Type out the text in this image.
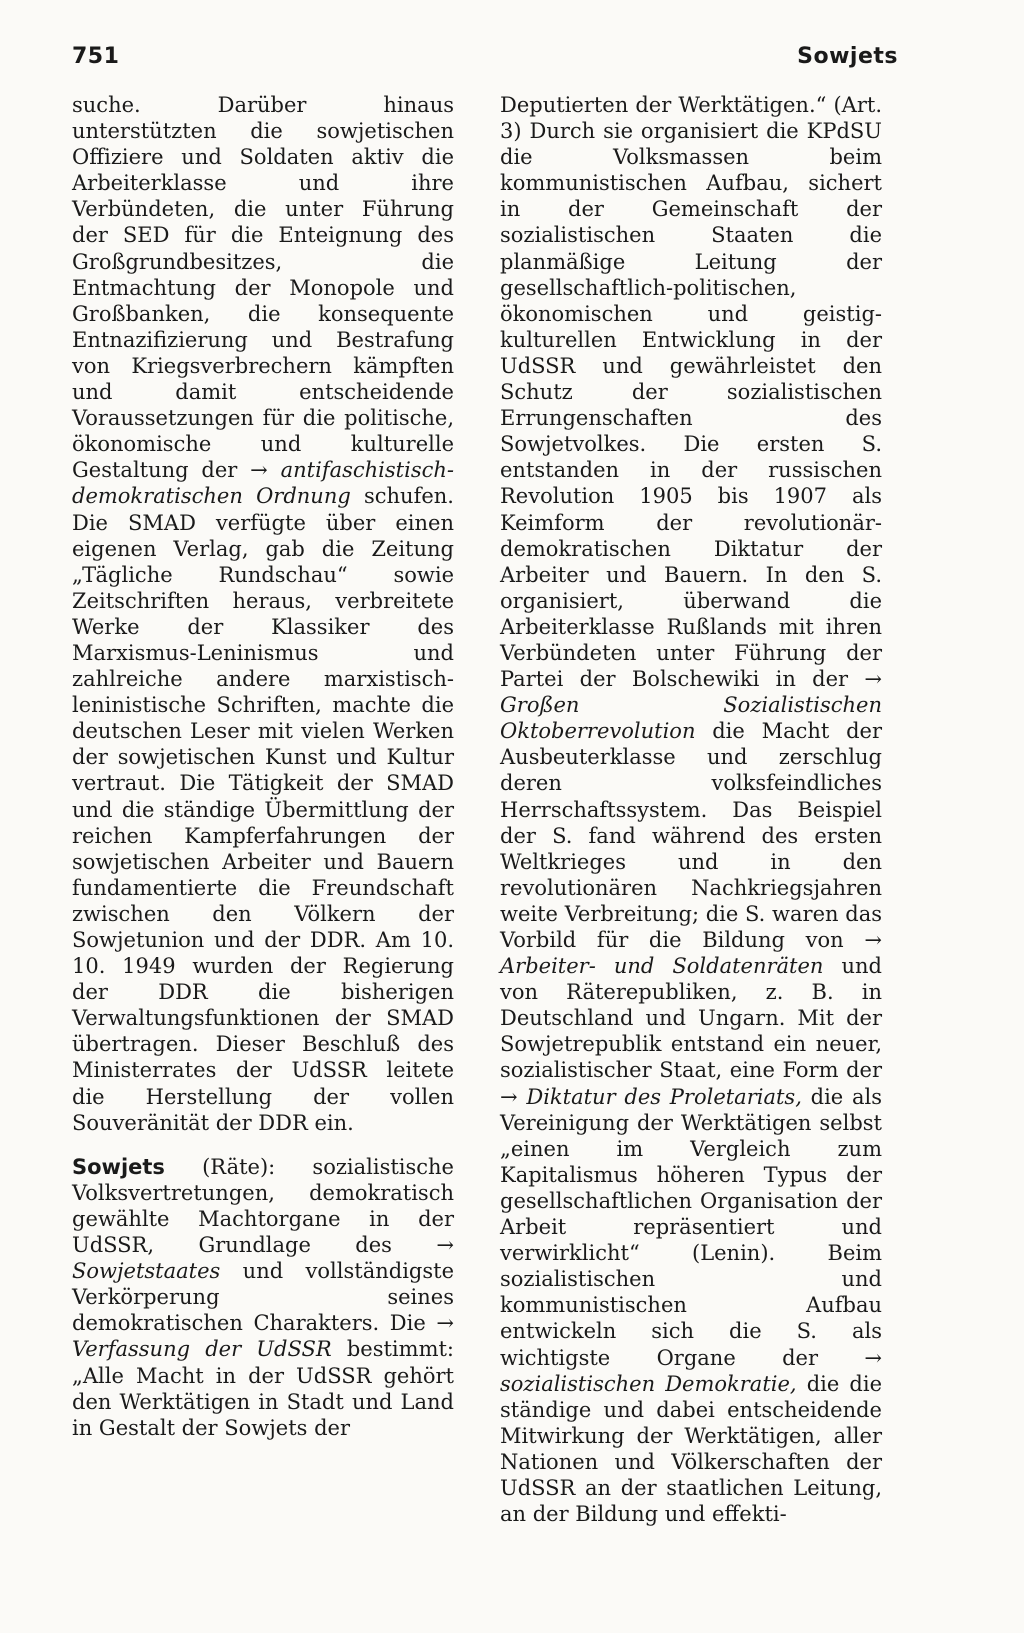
751	Sowjets

suche. Darüber hinaus unterstützten die sowjetischen Offiziere und Soldaten aktiv die Arbeiterklasse und ihre Verbündeten, die unter Führung der SED für die Enteignung des Großgrundbesitzes, die Entmachtung der Monopole und Großbanken, die konsequente Entnazifizierung und Bestrafung von Kriegsverbrechern kämpften und damit entscheidende Voraussetzungen für die politische, ökonomische und kulturelle Gestaltung der → antifaschistisch-demokratischen Ordnung schufen. Die SMAD verfügte über einen eigenen Verlag, gab die Zeitung „Tägliche Rundschau“ sowie Zeitschriften heraus, verbreitete Werke der Klassiker des Marxismus-Leninismus und zahlreiche andere marxistisch-leninistische Schriften, machte die deutschen Leser mit vielen Werken der sowjetischen Kunst und Kultur vertraut. Die Tätigkeit der SMAD und die ständige Übermittlung der reichen Kampferfahrungen der sowjetischen Arbeiter und Bauern fundamentierte die Freundschaft zwischen den Völkern der Sowjetunion und der DDR. Am 10. 10. 1949 wurden der Regierung der DDR die bisherigen Verwaltungsfunktionen der SMAD übertragen. Dieser Beschluß des Ministerrates der UdSSR leitete die Herstellung der vollen Souveränität der DDR ein.

Sowjets (Räte): sozialistische Volksvertretungen, demokratisch gewählte Machtorgane in der UdSSR, Grundlage des → Sowjetstaates und vollständigste Verkörperung seines demokratischen Charakters. Die → Verfassung der UdSSR bestimmt: „Alle Macht in der UdSSR gehört den Werktätigen in Stadt und Land in Gestalt der Sowjets der

Deputierten der Werktätigen.“ (Art. 3) Durch sie organisiert die KPdSU die Volksmassen beim kommunistischen Aufbau, sichert in der Gemeinschaft der sozialistischen Staaten die planmäßige Leitung der gesellschaftlich-politischen, ökonomischen und geistig-kulturellen Entwicklung in der UdSSR und gewährleistet den Schutz der sozialistischen Errungenschaften des Sowjetvolkes. Die ersten S. entstanden in der russischen Revolution 1905 bis 1907 als Keimform der revolutionär-demokratischen Diktatur der Arbeiter und Bauern. In den S. organisiert, überwand die Arbeiterklasse Rußlands mit ihren Verbündeten unter Führung der Partei der Bolschewiki in der → Großen Sozialistischen Oktoberrevolution die Macht der Ausbeuterklasse und zerschlug deren volksfeindliches Herrschaftssystem. Das Beispiel der S. fand während des ersten Weltkrieges und in den revolutionären Nachkriegsjahren weite Verbreitung; die S. waren das Vorbild für die Bildung von → Arbeiter- und Soldatenräten und von Räterepubliken, z. B. in Deutschland und Ungarn. Mit der Sowjetrepublik entstand ein neuer, sozialistischer Staat, eine Form der → Diktatur des Proletariats, die als Vereinigung der Werktätigen selbst „einen im Vergleich zum Kapitalismus höheren Typus der gesellschaftlichen Organisation der Arbeit repräsentiert und verwirklicht“ (Lenin). Beim sozialistischen und kommunistischen Aufbau entwickeln sich die S. als wichtigste Organe der → sozialistischen Demokratie, die die ständige und dabei entscheidende Mitwirkung der Werktätigen, aller Nationen und Völkerschaften der UdSSR an der staatlichen Leitung, an der Bildung und effekti-
